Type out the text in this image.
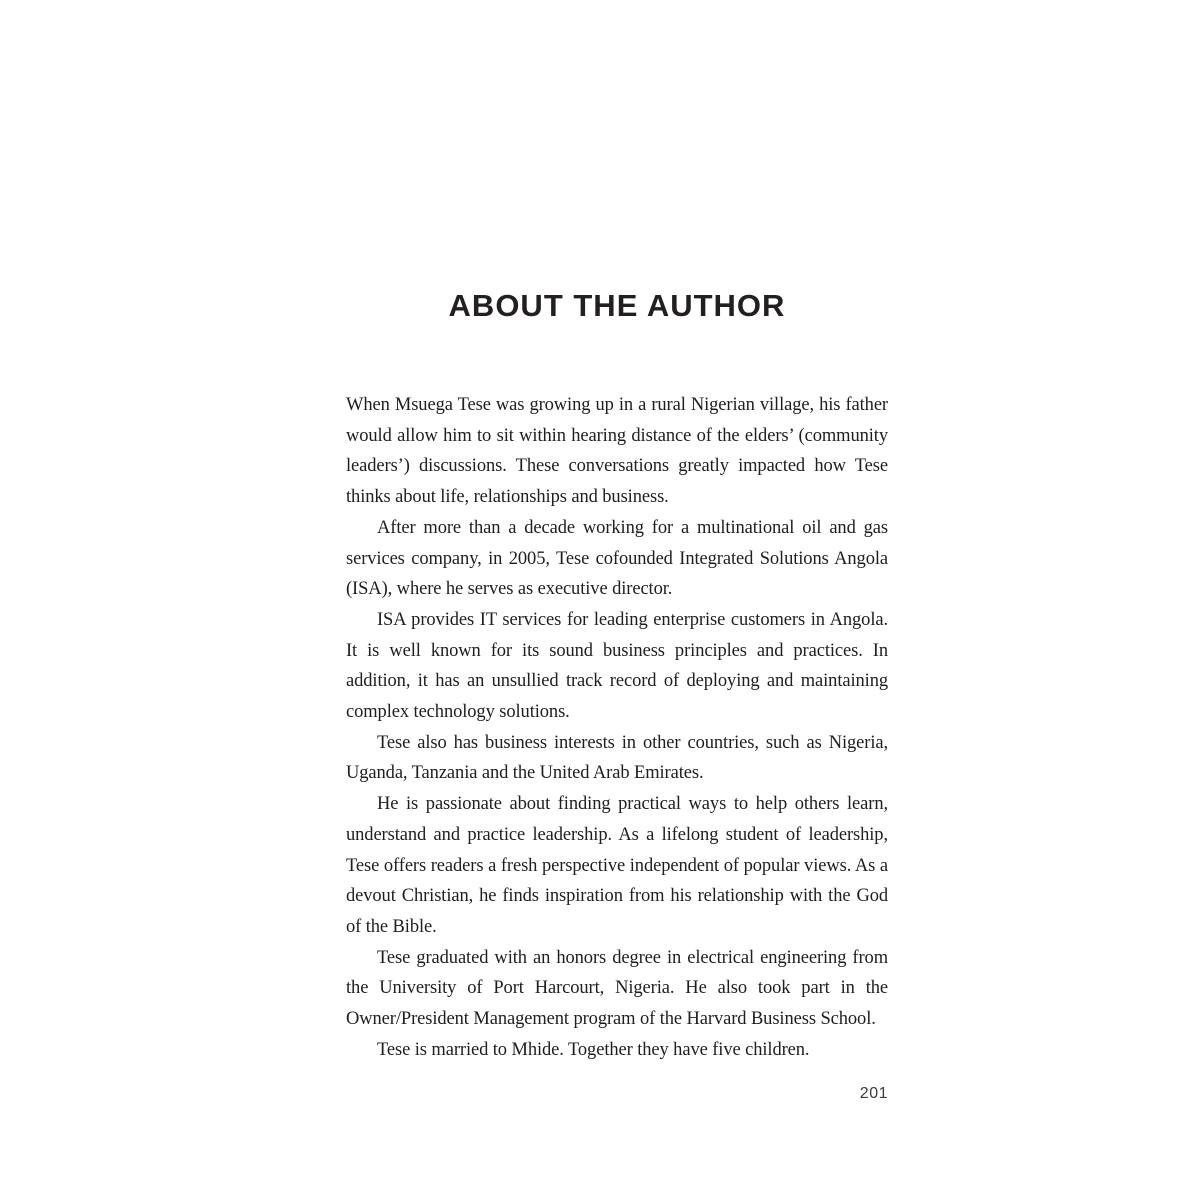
ABOUT THE AUTHOR

When Msuega Tese was growing up in a rural Nigerian village, his father would allow him to sit within hearing distance of the elders’ (community leaders’) discussions. These conversations greatly impacted how Tese thinks about life, relationships and business.

After more than a decade working for a multinational oil and gas services company, in 2005, Tese cofounded Integrated Solutions Angola (ISA), where he serves as executive director.

ISA provides IT services for leading enterprise customers in Angola. It is well known for its sound business principles and practices. In addition, it has an unsullied track record of deploying and maintaining complex technology solutions.

Tese also has business interests in other countries, such as Nigeria, Uganda, Tanzania and the United Arab Emirates.

He is passionate about finding practical ways to help others learn, understand and practice leadership. As a lifelong student of leadership, Tese offers readers a fresh perspective independent of popular views. As a devout Christian, he finds inspiration from his relationship with the God of the Bible.

Tese graduated with an honors degree in electrical engineering from the University of Port Harcourt, Nigeria. He also took part in the Owner/President Management program of the Harvard Business School.

Tese is married to Mhide. Together they have five children.

201
